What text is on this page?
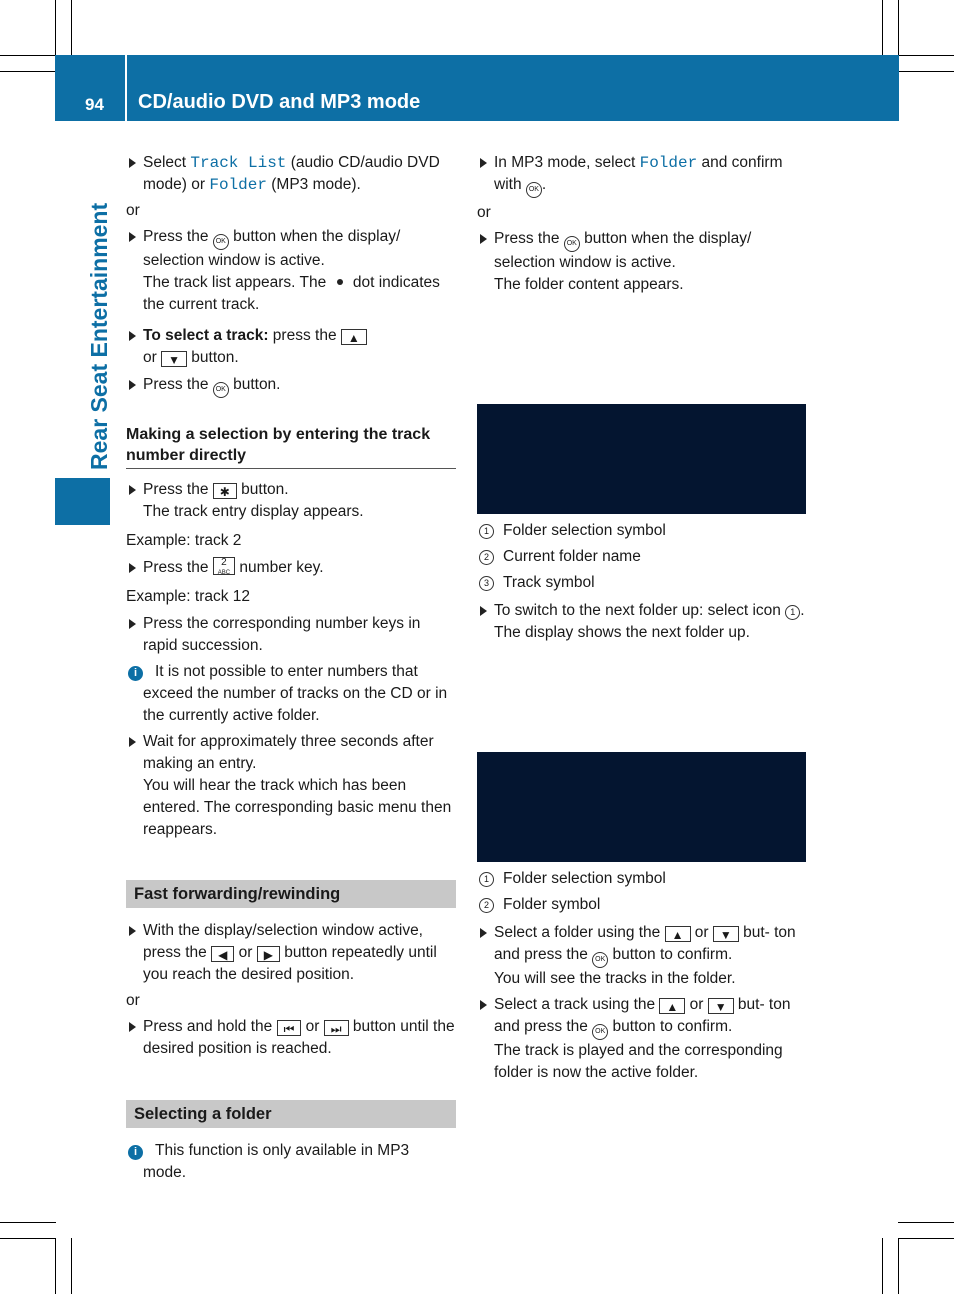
94 CD/audio DVD and MP3 mode
Rear Seat Entertainment
Select Track List (audio CD/audio DVD mode) or Folder (MP3 mode).
or
Press the OK button when the display/ selection window is active.
The track list appears. The  dot indicates the current track.
To select a track: press the ▲
or ▼ button.
Press the OK button.
Making a selection by entering the track number directly
Press the ✱ button.
The track entry display appears.
Example: track 2
Press the 2
ABC number key.
Example: track 12
Press the corresponding number keys in rapid succession.
i It is not possible to enter numbers that exceed the number of tracks on the CD or in the currently active folder.
Wait for approximately three seconds after making an entry.
You will hear the track which has been entered. The corresponding basic menu then reappears.
Fast forwarding/rewinding
With the display/selection window active, press the ◀ or ▶ button repeatedly until you reach the desired position.
or
Press and hold the ⏮ or ⏭ button until the desired position is reached.
Selecting a folder
i This function is only available in MP3 mode.
In MP3 mode, select Folder and confirm with OK .
or
Press the OK button when the display/ selection window is active.
The folder content appears.
1 Folder selection symbol
2 Current folder name
3 Track symbol
To switch to the next folder up: select icon 1 .
The display shows the next folder up.
1 Folder selection symbol
2 Folder symbol
Select a folder using the ▲ or ▼ but- ton and press the OK button to confirm.
You will see the tracks in the folder.
Select a track using the ▲ or ▼ but- ton and press the OK button to confirm.
The track is played and the corresponding folder is now the active folder.
